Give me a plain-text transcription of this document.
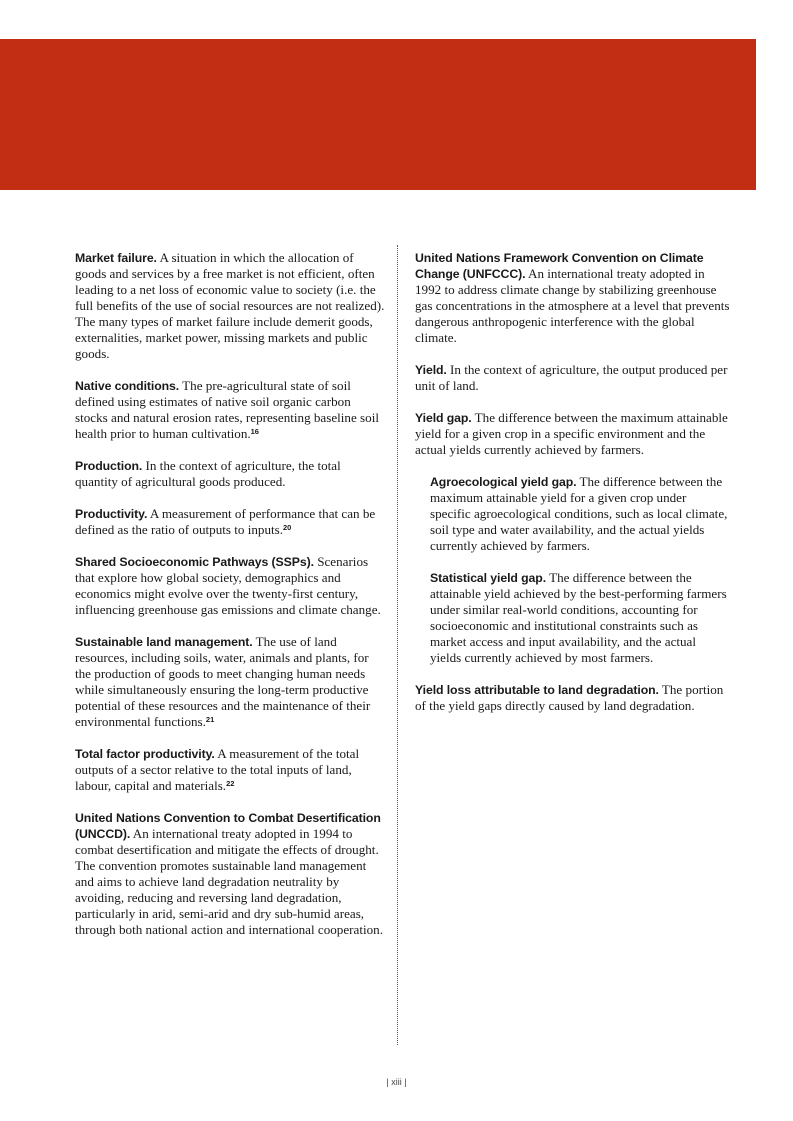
Market failure. A situation in which the allocation of goods and services by a free market is not efficient, often leading to a net loss of economic value to society (i.e. the full benefits of the use of social resources are not realized). The many types of market failure include demerit goods, externalities, market power, missing markets and public goods.

Native conditions. The pre-agricultural state of soil defined using estimates of native soil organic carbon stocks and natural erosion rates, representing baseline soil health prior to human cultivation.$^{16}$

Production. In the context of agriculture, the total quantity of agricultural goods produced.

Productivity. A measurement of performance that can be defined as the ratio of outputs to inputs.$^{20}$

Shared Socioeconomic Pathways (SSPs). Scenarios that explore how global society, demographics and economics might evolve over the twenty-first century, influencing greenhouse gas emissions and climate change.

Sustainable land management. The use of land resources, including soils, water, animals and plants, for the production of goods to meet changing human needs while simultaneously ensuring the long-term productive potential of these resources and the maintenance of their environmental functions.$^{21}$

Total factor productivity. A measurement of the total outputs of a sector relative to the total inputs of land, labour, capital and materials.$^{22}$

United Nations Convention to Combat Desertification (UNCCD). An international treaty adopted in 1994 to combat desertification and mitigate the effects of drought. The convention promotes sustainable land management and aims to achieve land degradation neutrality by avoiding, reducing and reversing land degradation, particularly in arid, semi-arid and dry sub-humid areas, through both national action and international cooperation.

United Nations Framework Convention on Climate Change (UNFCCC). An international treaty adopted in 1992 to address climate change by stabilizing greenhouse gas concentrations in the atmosphere at a level that prevents dangerous anthropogenic interference with the global climate.

Yield. In the context of agriculture, the output produced per unit of land.

Yield gap. The difference between the maximum attainable yield for a given crop in a specific environment and the actual yields currently achieved by farmers.

Agroecological yield gap. The difference between the maximum attainable yield for a given crop under specific agroecological conditions, such as local climate, soil type and water availability, and the actual yields currently achieved by farmers.

Statistical yield gap. The difference between the attainable yield achieved by the best-performing farmers under similar real-world conditions, accounting for socioeconomic and institutional constraints such as market access and input availability, and the actual yields currently achieved by most farmers.

Yield loss attributable to land degradation. The portion of the yield gaps directly caused by land degradation.

| xiii |
